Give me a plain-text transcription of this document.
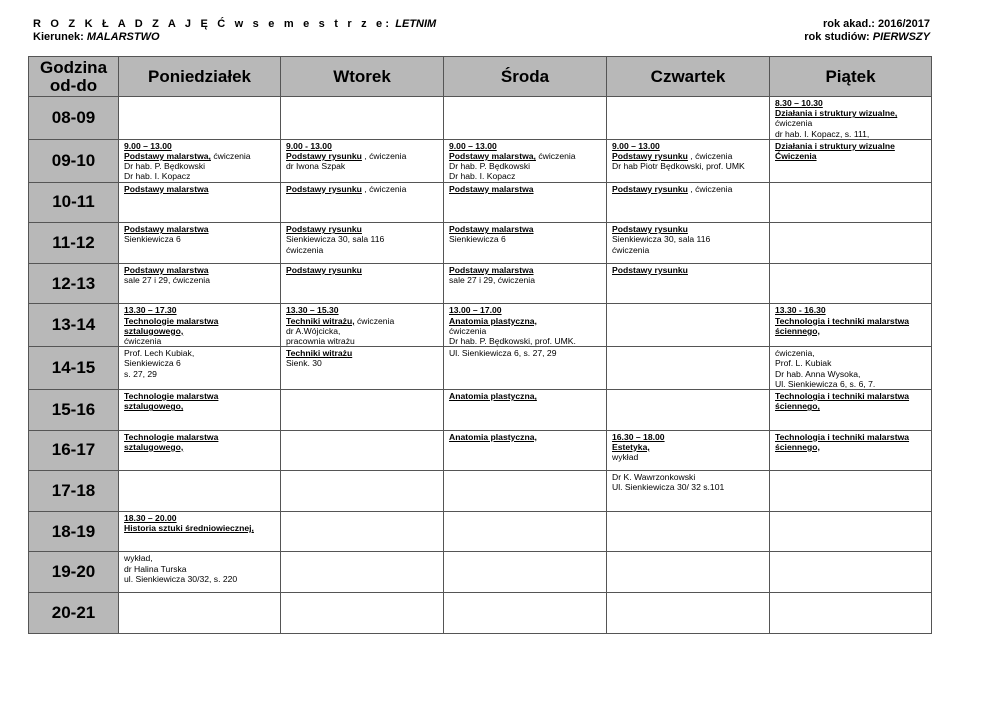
R O Z K Ł A D Z A J Ę Ć w s e m e s t r z e: LETNIM
Kierunek: MALARSTWO
rok akad.: 2016/2017
rok studiów: PIERWSZY
Godzina od-do	Poniedziałek	Wtorek	Środa	Czwartek	Piątek
08-09					8.30 – 10.30
Działania i struktury wizualne,
ćwiczenia
dr hab. I. Kopacz, s. 111,

09-10	9.00 – 13.00
Podstawy malarstwa, ćwiczenia
Dr hab. P. Będkowski
Dr hab. I. Kopacz	9.00 - 13.00
Podstawy rysunku , ćwiczenia
dr Iwona Szpak	9.00 – 13.00
Podstawy malarstwa, ćwiczenia
Dr hab. P. Będkowski
Dr hab. I. Kopacz	9.00 – 13.00
Podstawy rysunku , ćwiczenia
Dr hab Piotr Będkowski, prof. UMK	Działania i struktury wizualne
Ćwiczenia

10-11	Podstawy malarstwa	Podstawy rysunku , ćwiczenia	Podstawy malarstwa	Podstawy rysunku , ćwiczenia	

11-12	Podstawy malarstwa
Sienkiewicza 6	Podstawy rysunku
Sienkiewicza 30, sala 116
ćwiczenia	Podstawy malarstwa
Sienkiewicza 6	Podstawy rysunku
Sienkiewicza 30, sala 116
ćwiczenia	

12-13	Podstawy malarstwa
sale 27 i 29, ćwiczenia	Podstawy rysunku	Podstawy malarstwa
sale 27 i 29, ćwiczenia	Podstawy rysunku	

13-14	13.30 – 17.30
Technologie malarstwa
sztalugowego,
ćwiczenia	13.30 – 15.30
Techniki witrażu, ćwiczenia
dr A.Wójcicka,
pracownia witrażu	13.00 – 17.00
Anatomia plastyczna,
ćwiczenia
Dr hab. P. Będkowski, prof. UMK.		13.30 - 16.30
Technologia i techniki malarstwa
ściennego,

14-15	Prof. Lech Kubiak,
Sienkiewicza 6
s. 27, 29	Techniki witrażu
Sienk. 30	Ul. Sienkiewicza 6, s. 27, 29		ćwiczenia,
Prof. L. Kubiak
Dr hab. Anna Wysoka,
Ul. Sienkiewicza 6, s. 6, 7.

15-16	Technologie malarstwa
sztalugowego,		Anatomia plastyczna,		Technologia i techniki malarstwa
ściennego,

16-17	Technologie malarstwa
sztalugowego,		Anatomia plastyczna,	16.30 – 18.00
Estetyka,
wykład	Technologia i techniki malarstwa
ściennego,

17-18				Dr K. Wawrzonkowski
Ul. Sienkiewicza 30/ 32 s.101	

18-19	18.30 – 20.00
Historia sztuki średniowiecznej,				

19-20	wykład,
dr Halina Turska
ul. Sienkiewicza 30/32, s. 220				

20-21					
